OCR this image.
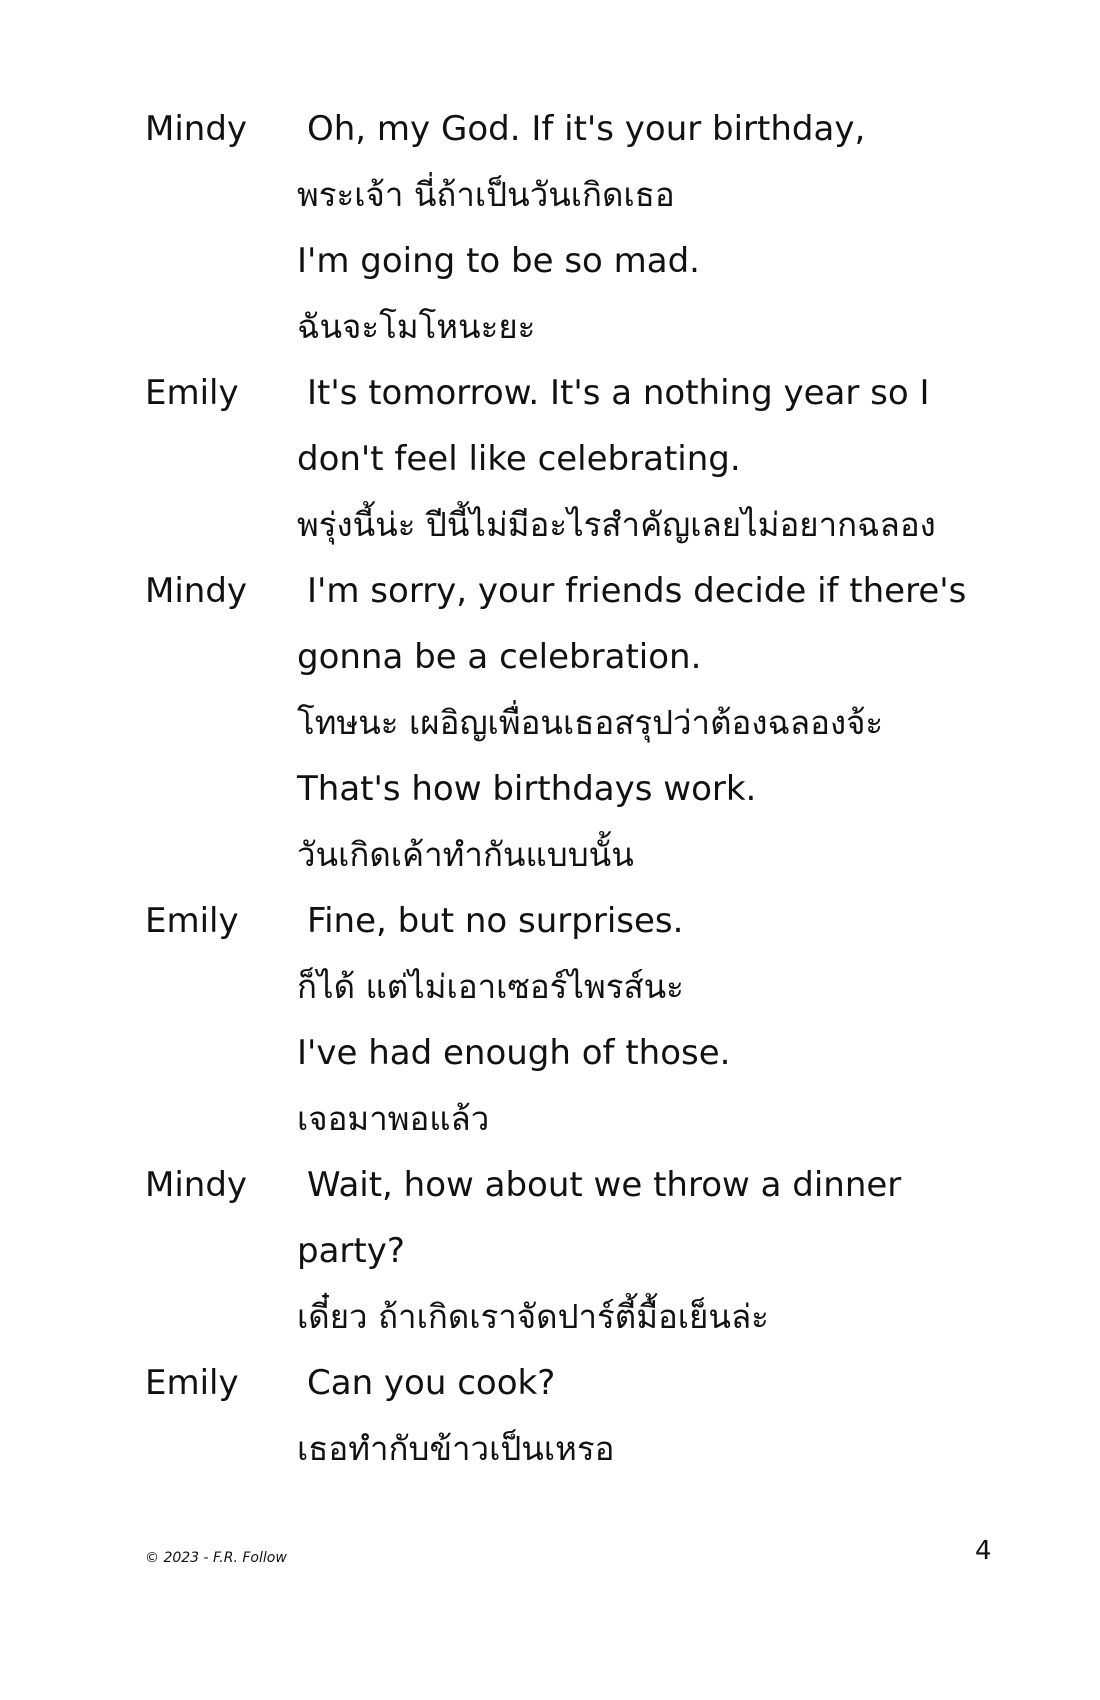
Mindy	Oh, my God. If it's your birthday,
พระเจ้า นี่ถ้าเป็นวันเกิดเธอ
I'm going to be so mad.
ฉันจะโมโหนะยะ
Emily	It's tomorrow. It's a nothing year so I
don't feel like celebrating.
พรุ่งนี้น่ะ ปีนี้ไม่มีอะไรสำคัญเลยไม่อยากฉลอง
Mindy	I'm sorry, your friends decide if there's
gonna be a celebration.
โทษนะ เผอิญเพื่อนเธอสรุปว่าต้องฉลองจ้ะ
That's how birthdays work.
วันเกิดเค้าทำกันแบบนั้น
Emily	Fine, but no surprises.
ก็ได้ แต่ไม่เอาเซอร์ไพรส์นะ
I've had enough of those.
เจอมาพอแล้ว
Mindy	Wait, how about we throw a dinner
party?
เดี๋ยว ถ้าเกิดเราจัดปาร์ตี้มื้อเย็นล่ะ
Emily	Can you cook?
เธอทำกับข้าวเป็นเหรอ
© 2023 - F.R. Follow	4
